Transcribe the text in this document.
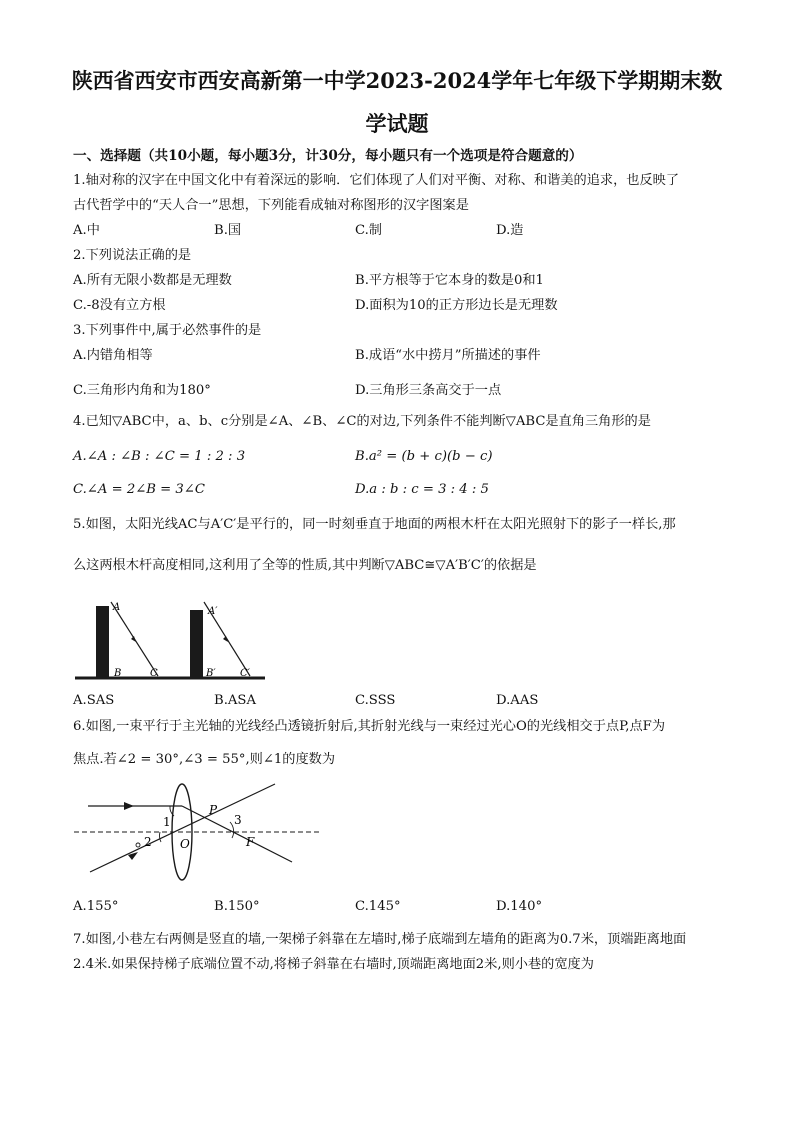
陕西省西安市西安高新第一中学2023-2024学年七年级下学期期末数
学试题
一、选择题（共10小题，每小题3分，计30分，每小题只有一个选项是符合题意的）
1.轴对称的汉字在中国文化中有着深远的影响．它们体现了人们对平衡、对称、和谐美的追求，也反映了
古代哲学中的“天人合一”思想，下列能看成轴对称图形的汉字图案是
A.中	B.国	C.制	D.造
2.下列说法正确的是
A.所有无限小数都是无理数	B.平方根等于它本身的数是0和1
C.-8没有立方根	D.面积为10的正方形边长是无理数
3.下列事件中,属于必然事件的是
A.内错角相等	B.成语“水中捞月”所描述的事件
C.三角形内角和为180°	D.三角形三条高交于一点
4.已知▽ABC中，a、b、c分别是∠A、∠B、∠C的对边,下列条件不能判断▽ABC是直角三角形的是
A.∠A : ∠B : ∠C = 1 : 2 : 3	B.a² = (b + c)(b − c)
C.∠A = 2∠B = 3∠C	D.a : b : c = 3 : 4 : 5
5.如图，太阳光线AC与A′C′是平行的，同一时刻垂直于地面的两根木杆在太阳光照射下的影子一样长,那
么这两根木杆高度相同,这利用了全等的性质,其中判断▽ABC≅▽A′B′C′的依据是
A
B	C
A′
B′ C′
A.SAS	B.ASA	C.SSS	D.AAS
6.如图,一束平行于主光轴的光线经凸透镜折射后,其折射光线与一束经过光心O的光线相交于点P,点F为
焦点.若∠2 = 30°,∠3 = 55°,则∠1的度数为
1
2
3
P
O	F
A.155°	B.150°	C.145°	D.140°
7.如图,小巷左右两侧是竖直的墙,一架梯子斜靠在左墙时,梯子底端到左墙角的距离为0.7米，顶端距离地面
2.4米.如果保持梯子底端位置不动,将梯子斜靠在右墙时,顶端距离地面2米,则小巷的宽度为
